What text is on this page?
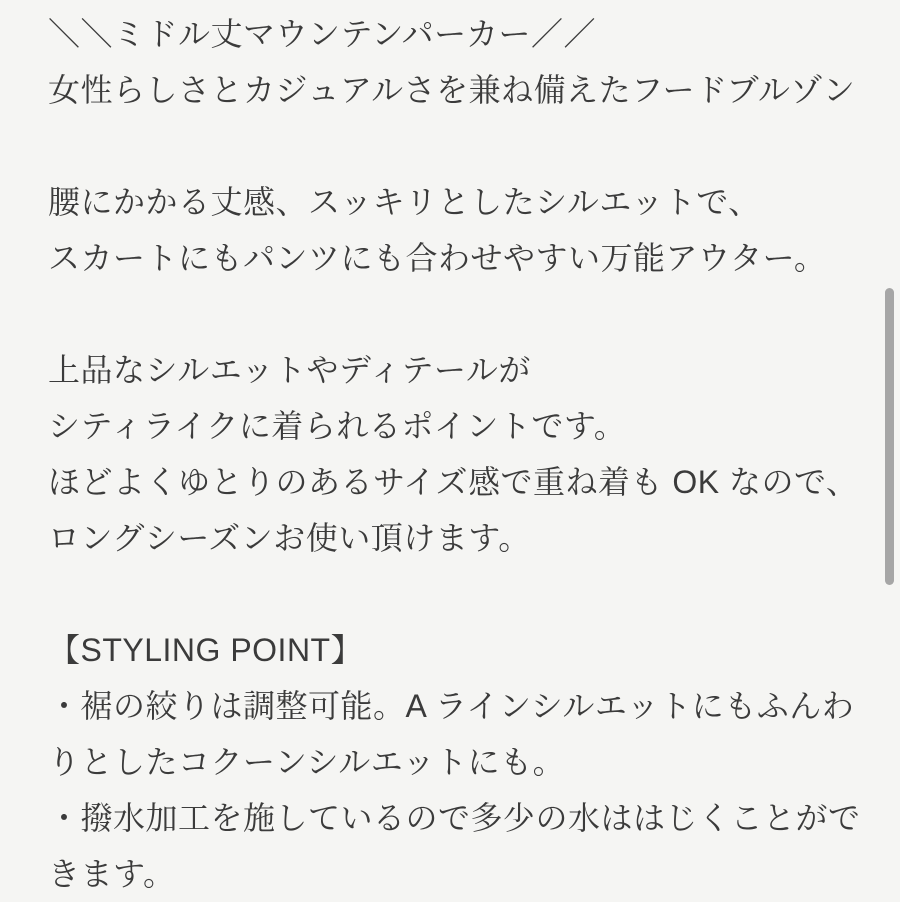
＼＼ミドル丈マウンテンパーカー／／

女性らしさとカジュアルさを兼ね備えたフードブルゾン

腰にかかる丈感、スッキリとしたシルエットで、

スカートにもパンツにも合わせやすい万能アウター。

上品なシルエットやディテールが

シティライクに着られるポイントです。

ほどよくゆとりのあるサイズ感で重ね着も OK なので、

ロングシーズンお使い頂けます。

【STYLING POINT】

・裾の絞りは調整可能。A ラインシルエットにもふんわ

りとしたコクーンシルエットにも。

・撥水加工を施しているので多少の水ははじくことがで

きます。
